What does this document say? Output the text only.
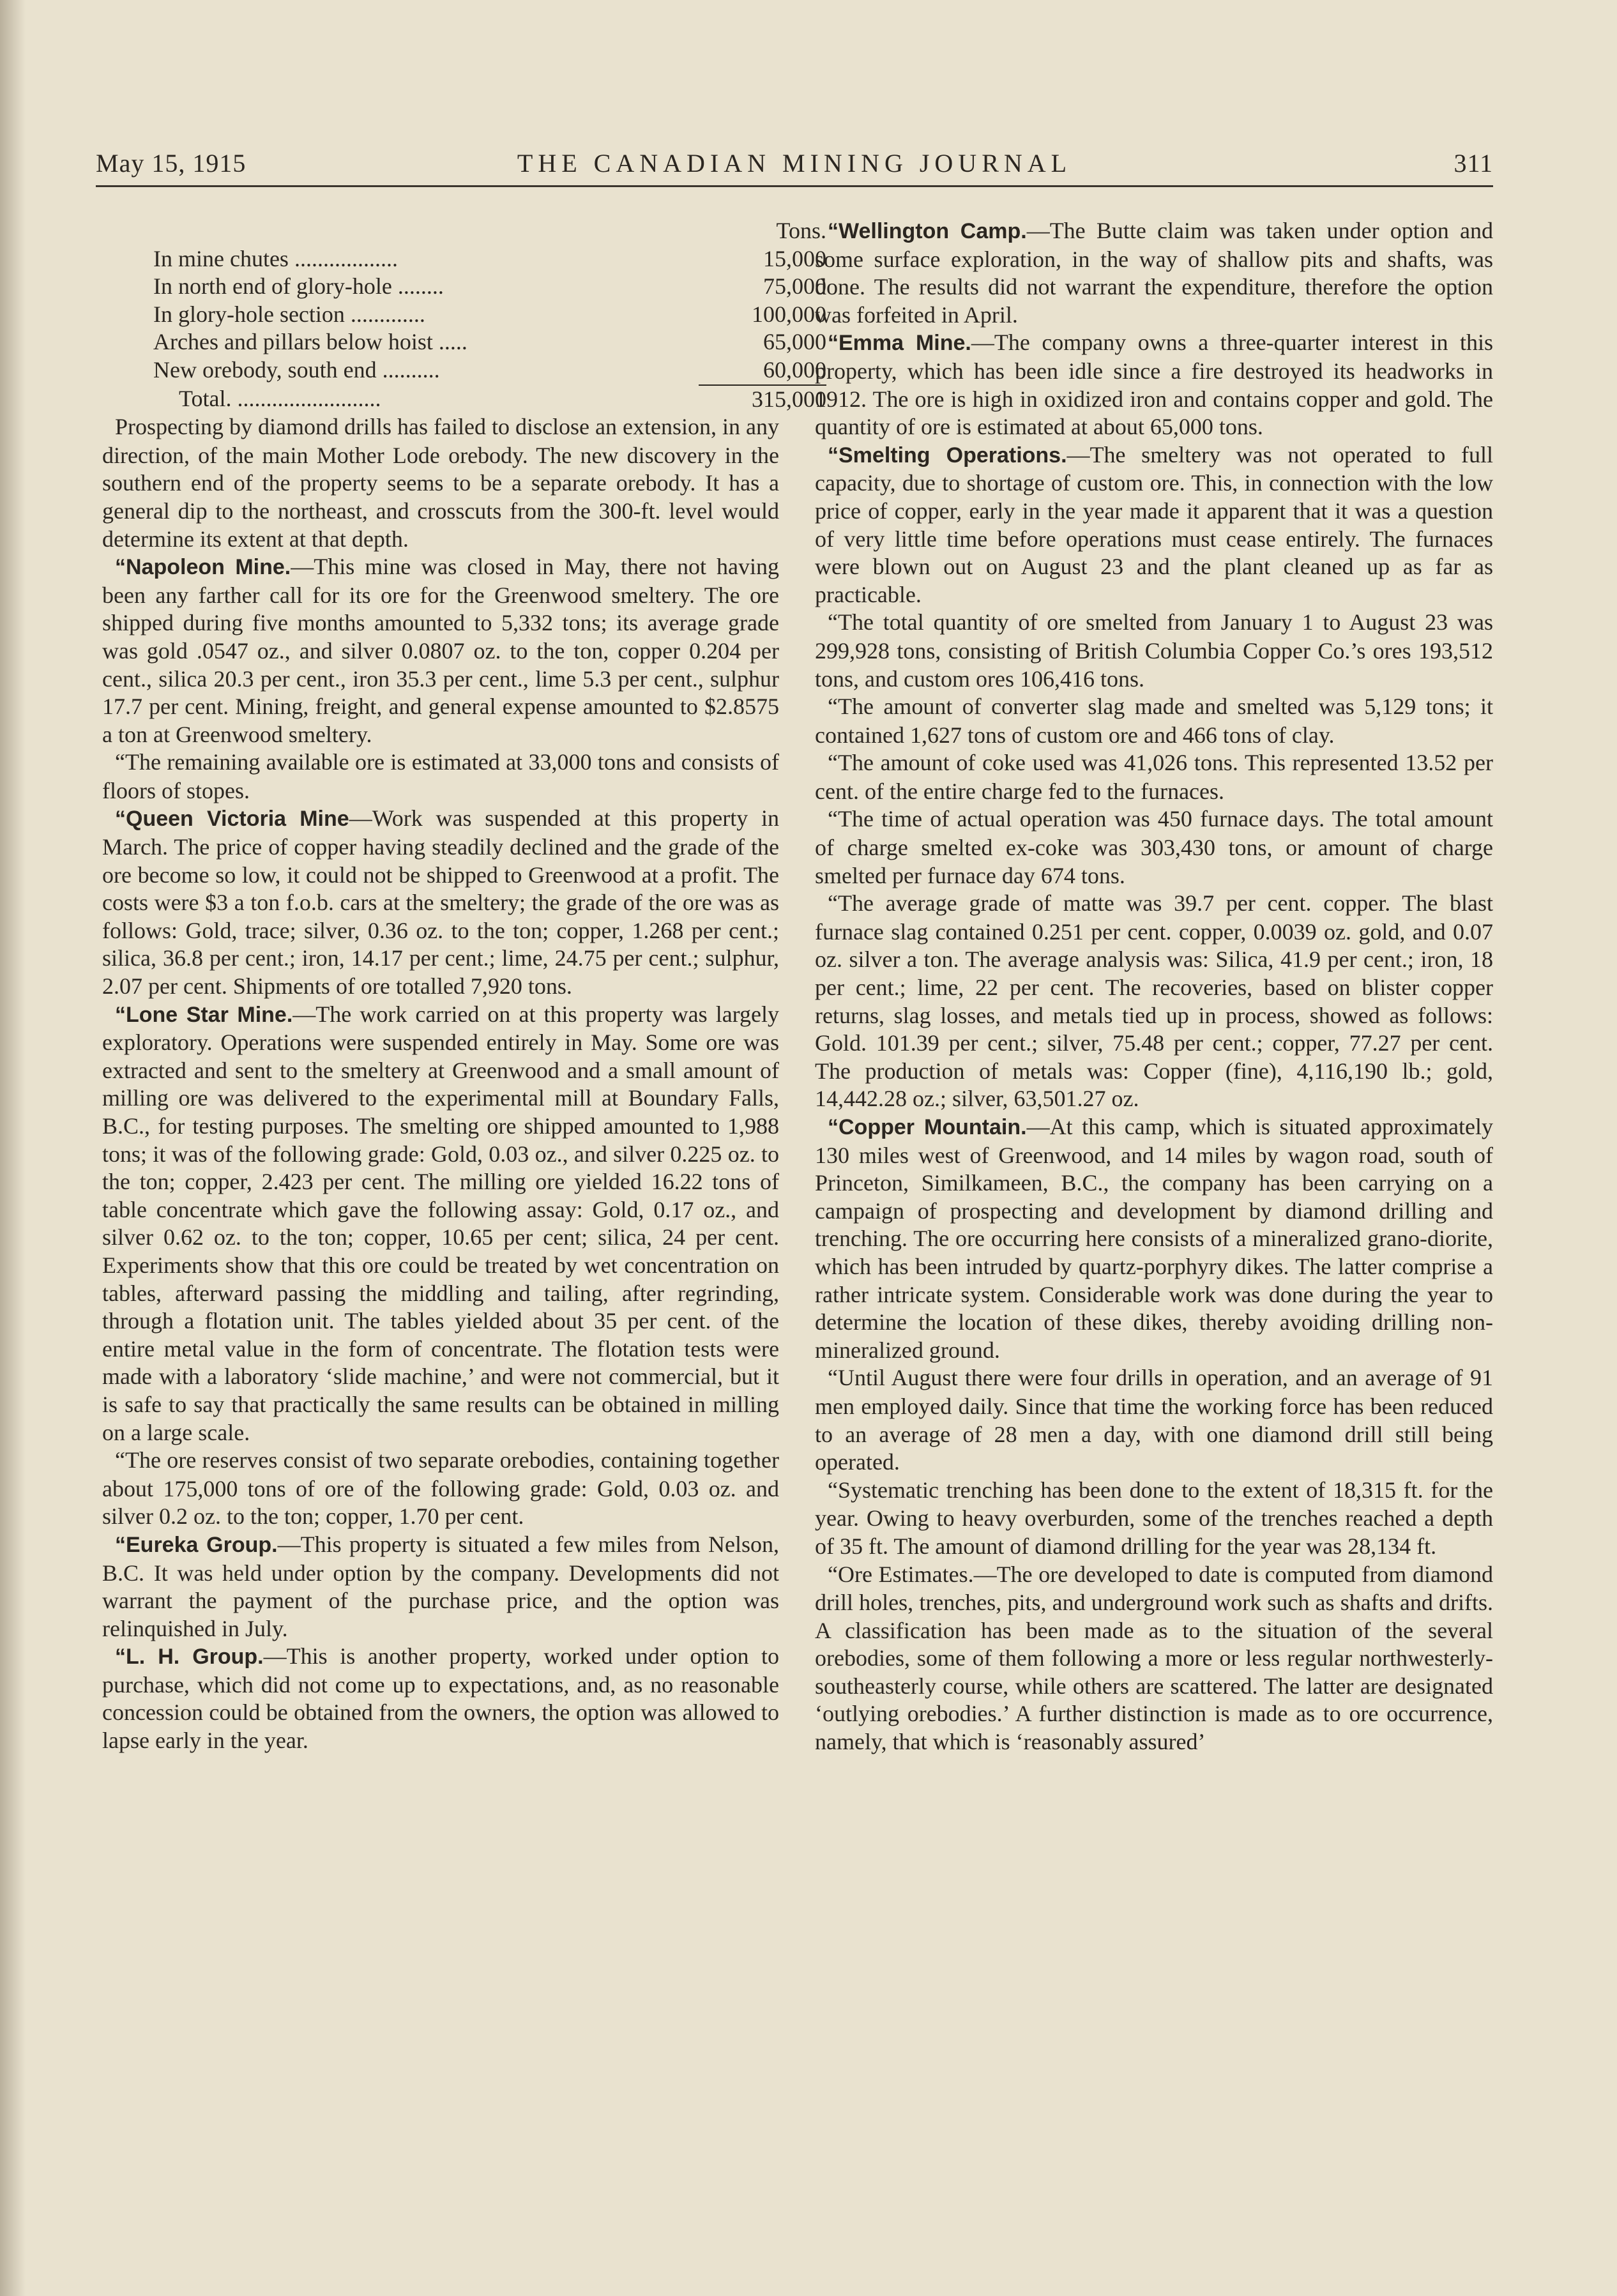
May 15, 1915	THE CANADIAN MINING JOURNAL	311
	Tons.
In mine chutes ..................	15,000
In north end of glory-hole ........	75,000
In glory-hole section .............	100,000
Arches and pillars below hoist .....	65,000
New orebody, south end ..........	60,000
Total. .........................	315,000

Prospecting by diamond drills has failed to disclose an extension, in any direction, of the main Mother Lode orebody. The new discovery in the southern end of the property seems to be a separate orebody. It has a general dip to the northeast, and crosscuts from the 300-ft. level would determine its extent at that depth.

“Napoleon Mine.—This mine was closed in May, there not having been any farther call for its ore for the Greenwood smeltery. The ore shipped during five months amounted to 5,332 tons; its average grade was gold .0547 oz., and silver 0.0807 oz. to the ton, copper 0.204 per cent., silica 20.3 per cent., iron 35.3 per cent., lime 5.3 per cent., sulphur 17.7 per cent. Mining, freight, and general expense amounted to $2.8575 a ton at Greenwood smeltery.

“The remaining available ore is estimated at 33,000 tons and consists of floors of stopes.

“Queen Victoria Mine—Work was suspended at this property in March. The price of copper having steadily declined and the grade of the ore become so low, it could not be shipped to Greenwood at a profit. The costs were $3 a ton f.o.b. cars at the smeltery; the grade of the ore was as follows: Gold, trace; silver, 0.36 oz. to the ton; copper, 1.268 per cent.; silica, 36.8 per cent.; iron, 14.17 per cent.; lime, 24.75 per cent.; sulphur, 2.07 per cent. Shipments of ore totalled 7,920 tons.

“Lone Star Mine.—The work carried on at this property was largely exploratory. Operations were suspended entirely in May. Some ore was extracted and sent to the smeltery at Greenwood and a small amount of milling ore was delivered to the experimental mill at Boundary Falls, B.C., for testing purposes. The smelting ore shipped amounted to 1,988 tons; it was of the following grade: Gold, 0.03 oz., and silver 0.225 oz. to the ton; copper, 2.423 per cent. The milling ore yielded 16.22 tons of table concentrate which gave the following assay: Gold, 0.17 oz., and silver 0.62 oz. to the ton; copper, 10.65 per cent; silica, 24 per cent. Experiments show that this ore could be treated by wet concentration on tables, afterward passing the middling and tailing, after regrinding, through a flotation unit. The tables yielded about 35 per cent. of the entire metal value in the form of concentrate. The flotation tests were made with a laboratory ‘slide machine,’ and were not commercial, but it is safe to say that practically the same results can be obtained in milling on a large scale.

“The ore reserves consist of two separate orebodies, containing together about 175,000 tons of ore of the following grade: Gold, 0.03 oz. and silver 0.2 oz. to the ton; copper, 1.70 per cent.

“Eureka Group.—This property is situated a few miles from Nelson, B.C. It was held under option by the company. Developments did not warrant the payment of the purchase price, and the option was relinquished in July.

“L. H. Group.—This is another property, worked under option to purchase, which did not come up to expectations, and, as no reasonable concession could be obtained from the owners, the option was allowed to lapse early in the year.

“Wellington Camp.—The Butte claim was taken under option and some surface exploration, in the way of shallow pits and shafts, was done. The results did not warrant the expenditure, therefore the option was forfeited in April.

“Emma Mine.—The company owns a three-quarter interest in this property, which has been idle since a fire destroyed its headworks in 1912. The ore is high in oxidized iron and contains copper and gold. The quantity of ore is estimated at about 65,000 tons.

“Smelting Operations.—The smeltery was not operated to full capacity, due to shortage of custom ore. This, in connection with the low price of copper, early in the year made it apparent that it was a question of very little time before operations must cease entirely. The furnaces were blown out on August 23 and the plant cleaned up as far as practicable.

“The total quantity of ore smelted from January 1 to August 23 was 299,928 tons, consisting of British Columbia Copper Co.’s ores 193,512 tons, and custom ores 106,416 tons.

“The amount of converter slag made and smelted was 5,129 tons; it contained 1,627 tons of custom ore and 466 tons of clay.

“The amount of coke used was 41,026 tons. This represented 13.52 per cent. of the entire charge fed to the furnaces.

“The time of actual operation was 450 furnace days. The total amount of charge smelted ex-coke was 303,430 tons, or amount of charge smelted per furnace day 674 tons.

“The average grade of matte was 39.7 per cent. copper. The blast furnace slag contained 0.251 per cent. copper, 0.0039 oz. gold, and 0.07 oz. silver a ton. The average analysis was: Silica, 41.9 per cent.; iron, 18 per cent.; lime, 22 per cent. The recoveries, based on blister copper returns, slag losses, and metals tied up in process, showed as follows: Gold. 101.39 per cent.; silver, 75.48 per cent.; copper, 77.27 per cent. The production of metals was: Copper (fine), 4,116,190 lb.; gold, 14,442.28 oz.; silver, 63,501.27 oz.

“Copper Mountain.—At this camp, which is situated approximately 130 miles west of Greenwood, and 14 miles by wagon road, south of Princeton, Similkameen, B.C., the company has been carrying on a campaign of prospecting and development by diamond drilling and trenching. The ore occurring here consists of a mineralized grano-diorite, which has been intruded by quartz-porphyry dikes. The latter comprise a rather intricate system. Considerable work was done during the year to determine the location of these dikes, thereby avoiding drilling non-mineralized ground.

“Until August there were four drills in operation, and an average of 91 men employed daily. Since that time the working force has been reduced to an average of 28 men a day, with one diamond drill still being operated.

“Systematic trenching has been done to the extent of 18,315 ft. for the year. Owing to heavy overburden, some of the trenches reached a depth of 35 ft. The amount of diamond drilling for the year was 28,134 ft.

“Ore Estimates.—The ore developed to date is computed from diamond drill holes, trenches, pits, and underground work such as shafts and drifts. A classification has been made as to the situation of the several orebodies, some of them following a more or less regular northwesterly-southeasterly course, while others are scattered. The latter are designated ‘outlying orebodies.’ A further distinction is made as to ore occurrence, namely, that which is ‘reasonably assured’
